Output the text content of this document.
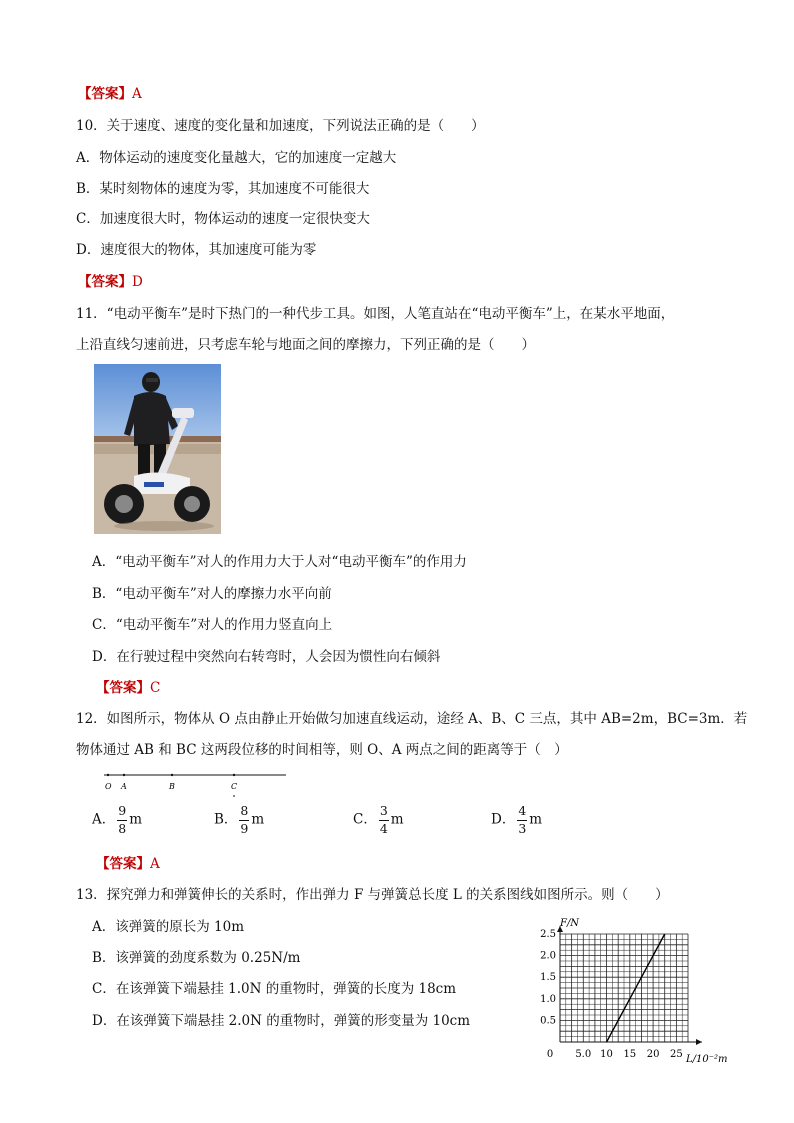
【答案】A
10．关于速度、速度的变化量和加速度，下列说法正确的是（　　）
A．物体运动的速度变化量越大，它的加速度一定越大
B．某时刻物体的速度为零，其加速度不可能很大
C．加速度很大时，物体运动的速度一定很快变大
D．速度很大的物体，其加速度可能为零
【答案】D
11．“电动平衡车”是时下热门的一种代步工具。如图，人笔直站在“电动平衡车”上，在某水平地面，
上沿直线匀速前进，只考虑车轮与地面之间的摩擦力，下列正确的是（　　）
A．“电动平衡车”对人的作用力大于人对“电动平衡车”的作用力
B．“电动平衡车”对人的摩擦力水平向前
C．“电动平衡车”对人的作用力竖直向上
D．在行驶过程中突然向右转弯时，人会因为惯性向右倾斜
【答案】C
12．如图所示，物体从 O 点由静止开始做匀加速直线运动，途经 A、B、C 三点，其中 AB=2m，BC=3m．若
物体通过 AB 和 BC 这两段位移的时间相等，则 O、A 两点之间的距离等于（　）
O A	B	C
A． $\frac{9}{8}$ m	B． $\frac{8}{9}$ m	C． $\frac{3}{4}$ m	D． $\frac{4}{3}$ m
【答案】A
13．探究弹力和弹簧伸长的关系时，作出弹力 F 与弹簧总长度 L 的关系图线如图所示。则（　　）
A．该弹簧的原长为 10m
B．该弹簧的劲度系数为 0.25N/m
C．在该弹簧下端悬挂 1.0N 的重物时，弹簧的长度为 18cm
D．在该弹簧下端悬挂 2.0N 的重物时，弹簧的形变量为 10cm
0 5.0 10 15 20 25
0.5
1.0
1.5
2.0
2.5
F/N
L/10⁻²m
